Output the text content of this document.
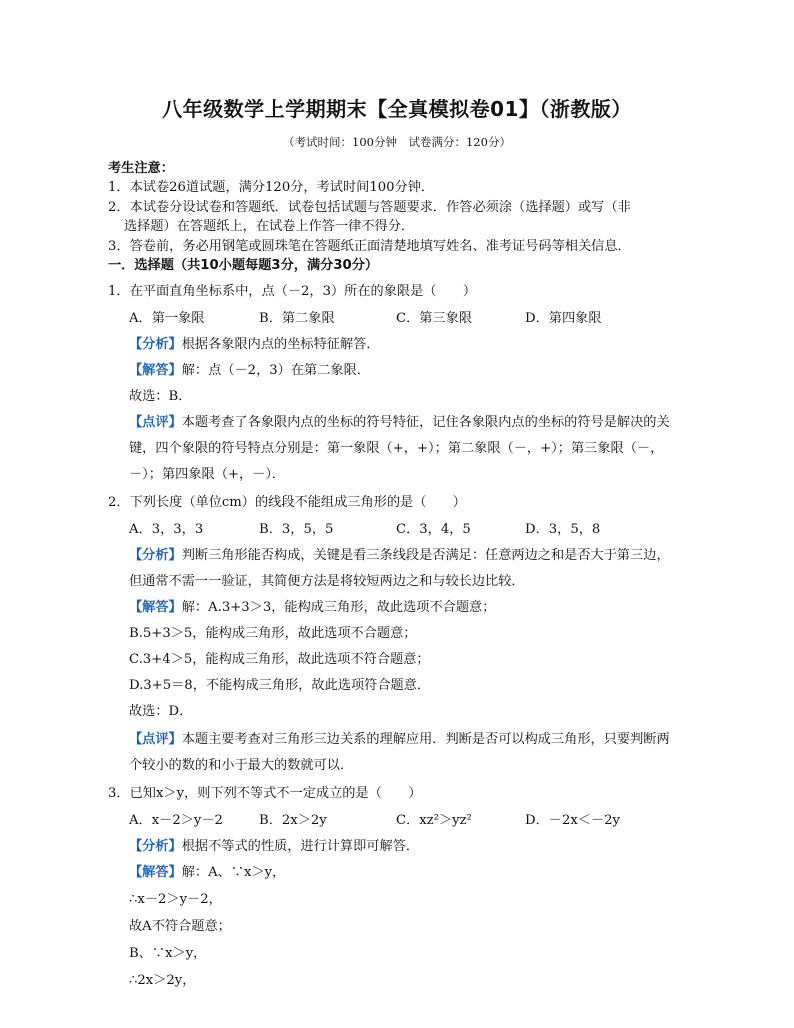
八年级数学上学期期末【全真模拟卷01】（浙教版）
（考试时间：100分钟　试卷满分：120分）
考生注意：
1．本试卷26道试题，满分120分，考试时间100分钟．
2．本试卷分设试卷和答题纸．试卷包括试题与答题要求．作答必须涂（选择题）或写（非
选择题）在答题纸上，在试卷上作答一律不得分．
3．答卷前，务必用钢笔或圆珠笔在答题纸正面清楚地填写姓名、准考证号码等相关信息．
一．选择题（共10小题每题3分，满分30分）
1．在平面直角坐标系中，点（－2，3）所在的象限是（　　）
A．第一象限	B．第二象限	C．第三象限	D．第四象限
【分析】根据各象限内点的坐标特征解答．
【解答】解：点（－2，3）在第二象限．
故选：B．
【点评】本题考查了各象限内点的坐标的符号特征，记住各象限内点的坐标的符号是解决的关
键，四个象限的符号特点分别是：第一象限（+，+）；第二象限（－，+）；第三象限（－，
－）；第四象限（+，－）．
2．下列长度（单位cm）的线段不能组成三角形的是（　　）
A．3，3，3	B．3，5，5	C．3，4，5	D．3，5，8
【分析】判断三角形能否构成，关键是看三条线段是否满足：任意两边之和是否大于第三边，
但通常不需一一验证，其简便方法是将较短两边之和与较长边比较．
【解答】解：A.3+3＞3，能构成三角形，故此选项不合题意；
B.5+3＞5，能构成三角形，故此选项不合题意；
C.3+4＞5，能构成三角形，故此选项不符合题意；
D.3+5＝8，不能构成三角形，故此选项符合题意．
故选：D．
【点评】本题主要考查对三角形三边关系的理解应用．判断是否可以构成三角形，只要判断两
个较小的数的和小于最大的数就可以．
3．已知x＞y，则下列不等式不一定成立的是（　　）
A．x－2＞y－2	B．2x＞2y	C．xz²＞yz²	D．－2x＜－2y
【分析】根据不等式的性质，进行计算即可解答．
【解答】解：A、∵x＞y，
∴x－2＞y－2，
故A不符合题意；
B、∵x＞y，
∴2x＞2y，
